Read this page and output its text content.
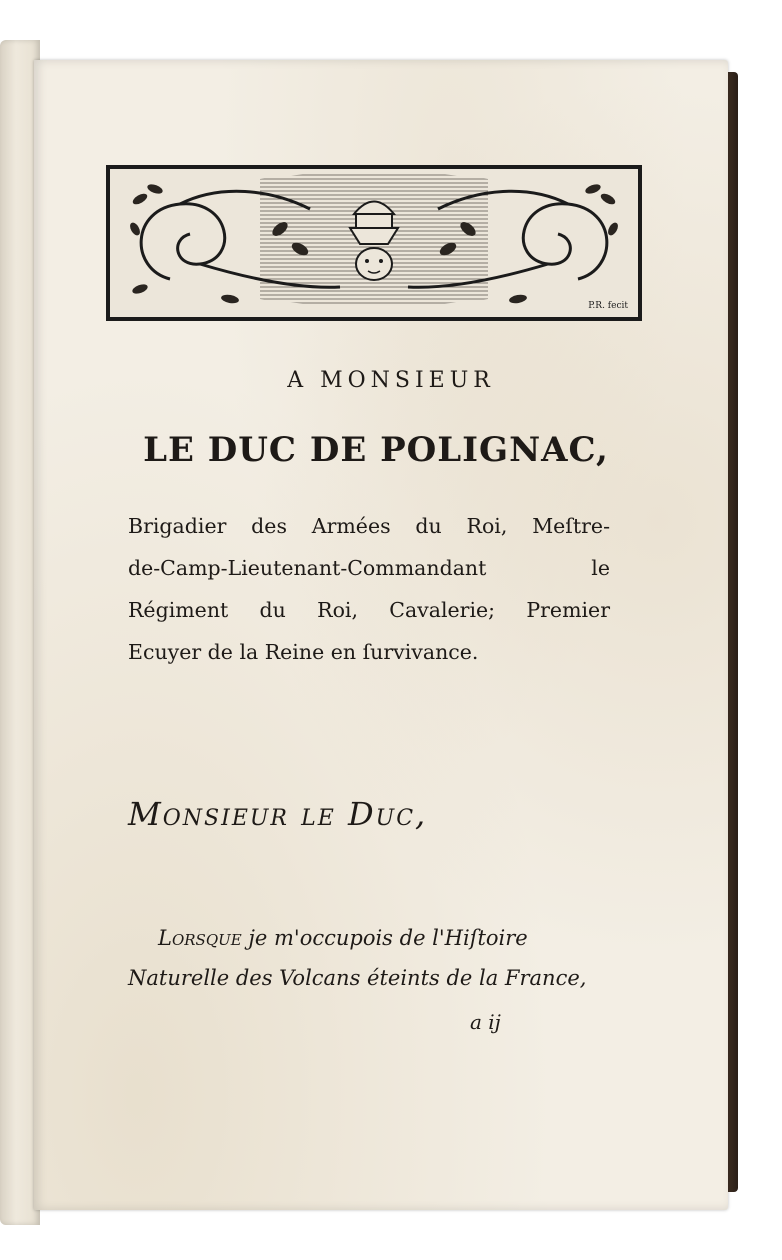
P.R. fecit
A MONSIEUR
LE DUC DE POLIGNAC,
Brigadier des Armées du Roi, Meſtre-
de-Camp-Lieutenant-Commandant le
Régiment du Roi, Cavalerie; Premier
Ecuyer de la Reine en ſurvivance.
Monsieur le Duc,
Lorsque je m'occupois de l'Hiſtoire
Naturelle des Volcans éteints de la France,
a ij
